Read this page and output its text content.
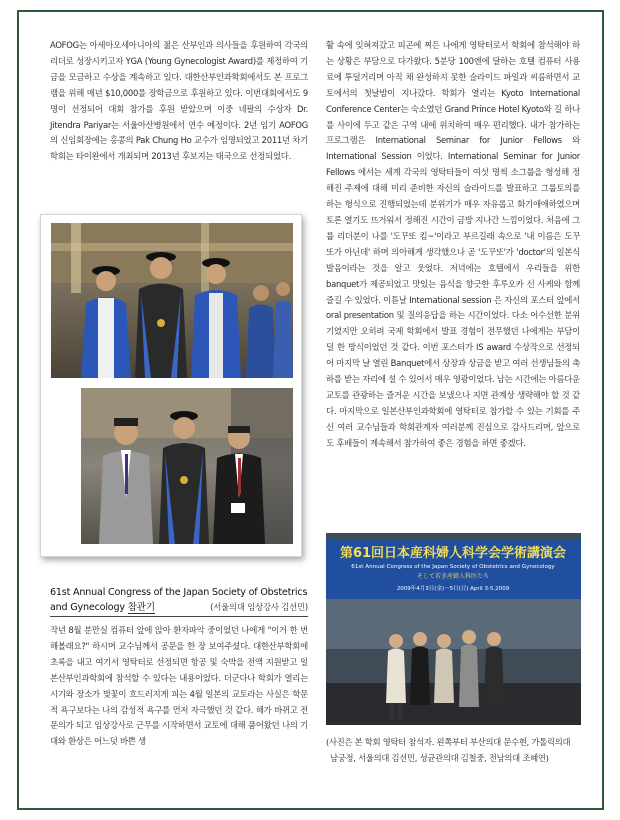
AOFOG는 아세아오세아니아의 젊은 산부인과 의사들을 후원하여 각국의 리더로 성장시키고자 YGA (Young Gynecologist Award)를 제정하여 기금을 모금하고 수상을 계속하고 있다. 대한산부인과학회에서도 본 프로그램을 위해 매년 $10,000를 장학금으로 후원하고 있다. 이번대회에서도 9명이 선정되어 대회 참가를 후원 받았으며 이중 네팔의 수상자 Dr. Jitendra Pariyar는 서울아산병원에서 연수 예정이다. 2년 임기 AOFOG의 신임회장에는 홍콩의 Pak Chung Ho 교수가 임명되었고 2011년 차기 학회는 타이완에서 개최되며 2013년 후보지는 태국으로 선정되었다.

61st Annual Congress of the Japan Society of Obstetrics and Gynecology 참관기	(서울의대 임상강사 김선민)

작년 8월 분만실 컴퓨터 앞에 앉아 환자파악 중이었던 나에게 "이거 한 번 해볼래요?" 하시며 교수님께서 공문을 한 장 보여주셨다. 대한산부학회에 초록을 내고 여기서 영탁터로 선정되면 항공 및 숙박을 전액 지원받고 일본산부인과학회에 참석할 수 있다는 내용이었다. 더군다나 학회가 열리는 시기와 장소가 벚꽃이 흐드러지게 피는 4월 일본의 교토라는 사실은 학문적 욕구보다는 나의 감성적 욕구를 먼저 자극했던 것 같다. 해가 바뀌고 전문의가 되고 임상강사로 근무를 시작하면서 교토에 대해 품어왔던 나의 기대와 환상은 어느덧 바쁜 생

활 속에 잊혀져갔고 피곤에 찌든 나에게 영탁터로서 학회에 참석해야 하는 상황은 부담으로 다가왔다. 5분당 100엔에 달하는 호텔 컴퓨터 사용료에 투덜거리며 아직 채 완성하지 못한 슬라이드 파일과 씨름하면서 교토에서의 첫날밤이 지나갔다. 학회가 열리는 Kyoto International Conference Center는 숙소였던 Grand Prince Hotel Kyoto와 길 하나를 사이에 두고 같은 구역 내에 위치하여 매우 편리했다. 내가 참가하는 프로그램은 International Seminar for Junior Fellows 와 International Session 이었다. International Seminar for Junior Fellows 에서는 세계 각국의 영탁터들이 여섯 명씩 소그룹을 형성해 정해진 주제에 대해 미리 준비한 자신의 슬라이드를 발표하고 그룹토의를 하는 형식으로 진행되었는데 분위기가 매우 자유롭고 화기애애하였으며 토론 열기도 뜨거워서 정해진 시간이 금방 지나간 느낌이었다. 처음에 그룹 리더분이 나를 '도꾸또 킴~'이라고 부르길래 속으로 '내 이름은 도꾸또가 아닌데' 하며 의아해게 생각했으나 곧 '도꾸또'가 'doctor'의 일본식 발음이라는 것을 알고 웃었다. 저녁에는 호텔에서 우리들을 위한 banquet가 제공되었고 맛있는 음식을 향긋한 후루오카 신 사케와 함께 즐길 수 있었다. 이튿날 International session 은 자신의 포스터 앞에서 oral presentation 및 질의응답을 하는 시간이었다. 다소 어수선한 분위기였지만 오히려 국제 학회에서 발표 경험이 전무했던 나에게는 부담이 덜 한 방식이었던 것 같다. 이번 포스터가 IS award 수상작으로 선정되어 마지막 날 열린 Banquet에서 상장과 상금을 받고 여러 선생님들의 축하를 받는 자리에 설 수 있어서 매우 영광이었다. 남는 시간에는 아름다운 교토를 관광하는 즐거운 시간을 보냈으나 지면 관계상 생략해야 할 것 같다. 마지막으로 일본산부인과학회에 영탁터로 참가할 수 있는 기회를 주신 여러 교수님들과 학회관계자 여러분께 진심으로 감사드리며, 앞으로도 후배들이 계속해서 참가하여 좋은 경험을 하면 좋겠다.

第61回日本産科婦人科学会学術講演会
61st Annual Congress of the Japan Society of Obstetrics and Gynecology
そして若き産婦人科医たち
2009年4月3日(金)〜5日(日) April 3-5,2009
(사진은 본 학회 영탁터 참석자. 왼쪽부터 부산의대 문수현, 가톨릭의대
남궁정, 서울의대 김선민, 성균관의대 김철중, 전남의대 조혜연)
